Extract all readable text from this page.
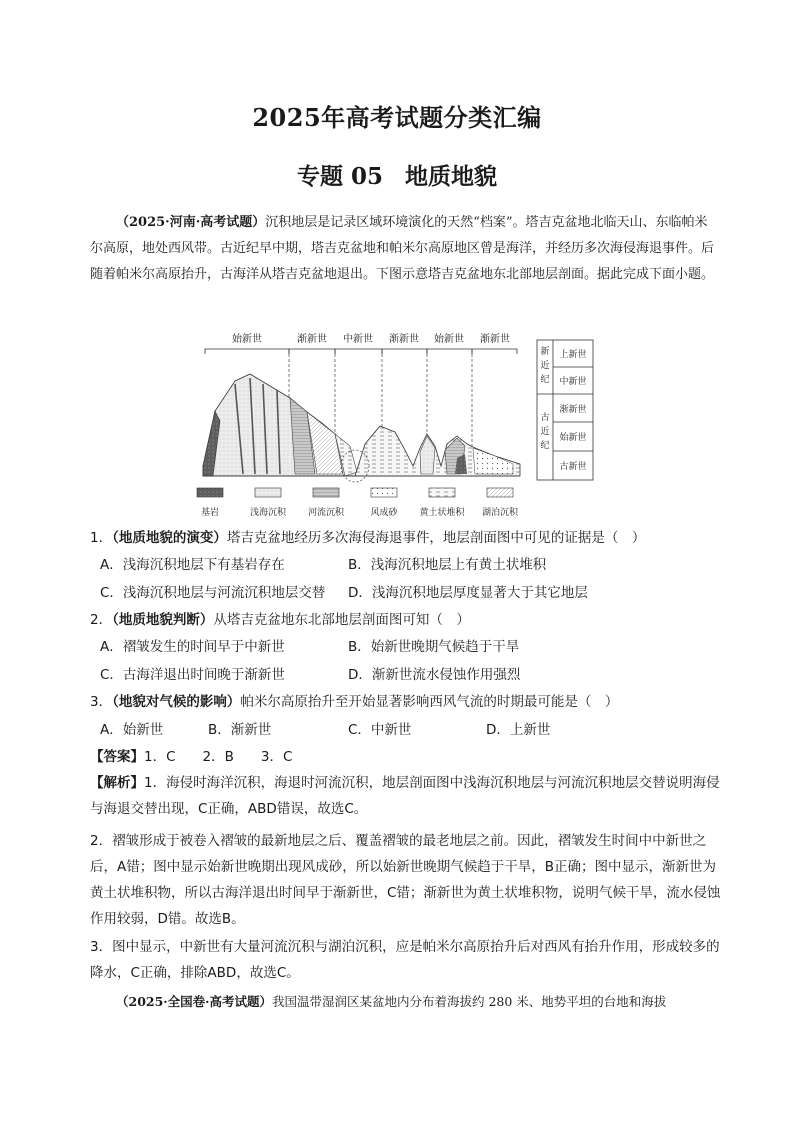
2025年高考试题分类汇编
专题 05 地质地貌

（2025·河南·高考试题）沉积地层是记录区域环境演化的天然“档案”。塔吉克盆地北临天山、东临帕米尔高原，地处西风带。古近纪早中期，塔吉克盆地和帕米尔高原地区曾是海洋，并经历多次海侵海退事件。后随着帕米尔高原抬升，古海洋从塔吉克盆地退出。下图示意塔吉克盆地东北部地层剖面。据此完成下面小题。

始新世	渐新世 中新世 渐新世 始新世 渐新世
基岩	浅海沉积 河流沉积	风成砂 黄土状堆积 湖泊沉积
新
近
纪
古
近
纪
上新世
中新世
渐新世
始新世
古新世
1．（地质地貌的演变）塔吉克盆地经历多次海侵海退事件，地层剖面图中可见的证据是（　）
A．浅海沉积地层下有基岩存在	B．浅海沉积地层上有黄土状堆积
C．浅海沉积地层与河流沉积地层交替 D．浅海沉积地层厚度显著大于其它地层
2．（地质地貌判断）从塔吉克盆地东北部地层剖面图可知（　）
A．褶皱发生的时间早于中新世	B．始新世晚期气候趋于干旱
C．古海洋退出时间晚于渐新世	D．渐新世流水侵蚀作用强烈
3．（地貌对气候的影响）帕米尔高原抬升至开始显著影响西风气流的时期最可能是（　）
A．始新世	B．渐新世	C．中新世	D．上新世

【答案】1．C　　2．B　　3．C

【解析】1．海侵时海洋沉积，海退时河流沉积，地层剖面图中浅海沉积地层与河流沉积地层交替说明海侵与海退交替出现，C正确，ABD错误，故选C。

2．褶皱形成于被卷入褶皱的最新地层之后、覆盖褶皱的最老地层之前。因此，褶皱发生时间中中新世之后，A错；图中显示始新世晚期出现风成砂，所以始新世晚期气候趋于干旱，B正确；图中显示，渐新世为黄土状堆积物，所以古海洋退出时间早于渐新世，C错；渐新世为黄土状堆积物，说明气候干旱，流水侵蚀作用较弱，D错。故选B。

3．图中显示，中新世有大量河流沉积与湖泊沉积，应是帕米尔高原抬升后对西风有抬升作用，形成较多的降水，C正确，排除ABD，故选C。

（2025·全国卷·高考试题）我国温带湿润区某盆地内分布着海拔约 280 米、地势平坦的台地和海拔
